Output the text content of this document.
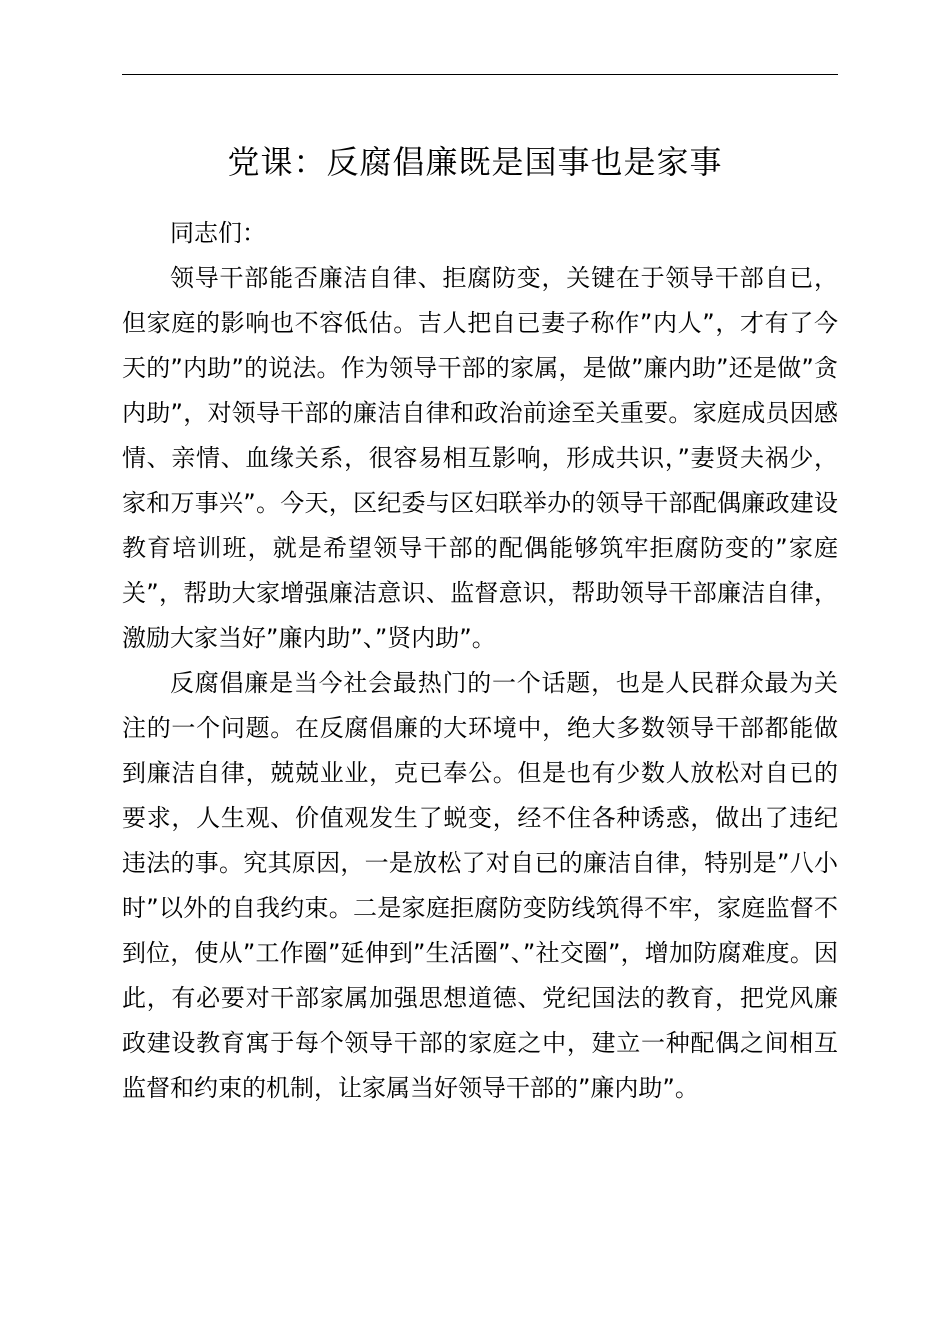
党课：反腐倡廉既是国事也是家事

同志们：

领导干部能否廉洁自律、拒腐防变，关键在于领导干部自已，但家庭的影响也不容低估。吉人把自已妻子称作”内人”，才有了今天的”内助”的说法。作为领导干部的家属，是做”廉内助”还是做”贪内助”，对领导干部的廉洁自律和政治前途至关重要。家庭成员因感情、亲情、血缘关系，很容易相互影响，形成共识，”妻贤夫祸少，家和万事兴”。今天，区纪委与区妇联举办的领导干部配偶廉政建设教育培训班，就是希望领导干部的配偶能够筑牢拒腐防变的”家庭关”，帮助大家增强廉洁意识、监督意识，帮助领导干部廉洁自律，激励大家当好”廉内助”、”贤内助”。

反腐倡廉是当今社会最热门的一个话题，也是人民群众最为关注的一个问题。在反腐倡廉的大环境中，绝大多数领导干部都能做到廉洁自律，兢兢业业，克已奉公。但是也有少数人放松对自已的要求，人生观、价值观发生了蜕变，经不住各种诱惑，做出了违纪违法的事。究其原因，一是放松了对自已的廉洁自律，特别是”八小时”以外的自我约束。二是家庭拒腐防变防线筑得不牢，家庭监督不到位，使从”工作圈”延伸到”生活圈”、”社交圈”，增加防腐难度。因此，有必要对干部家属加强思想道德、党纪国法的教育，把党风廉政建设教育寓于每个领导干部的家庭之中，建立一种配偶之间相互监督和约束的机制，让家属当好领导干部的”廉内助”。
